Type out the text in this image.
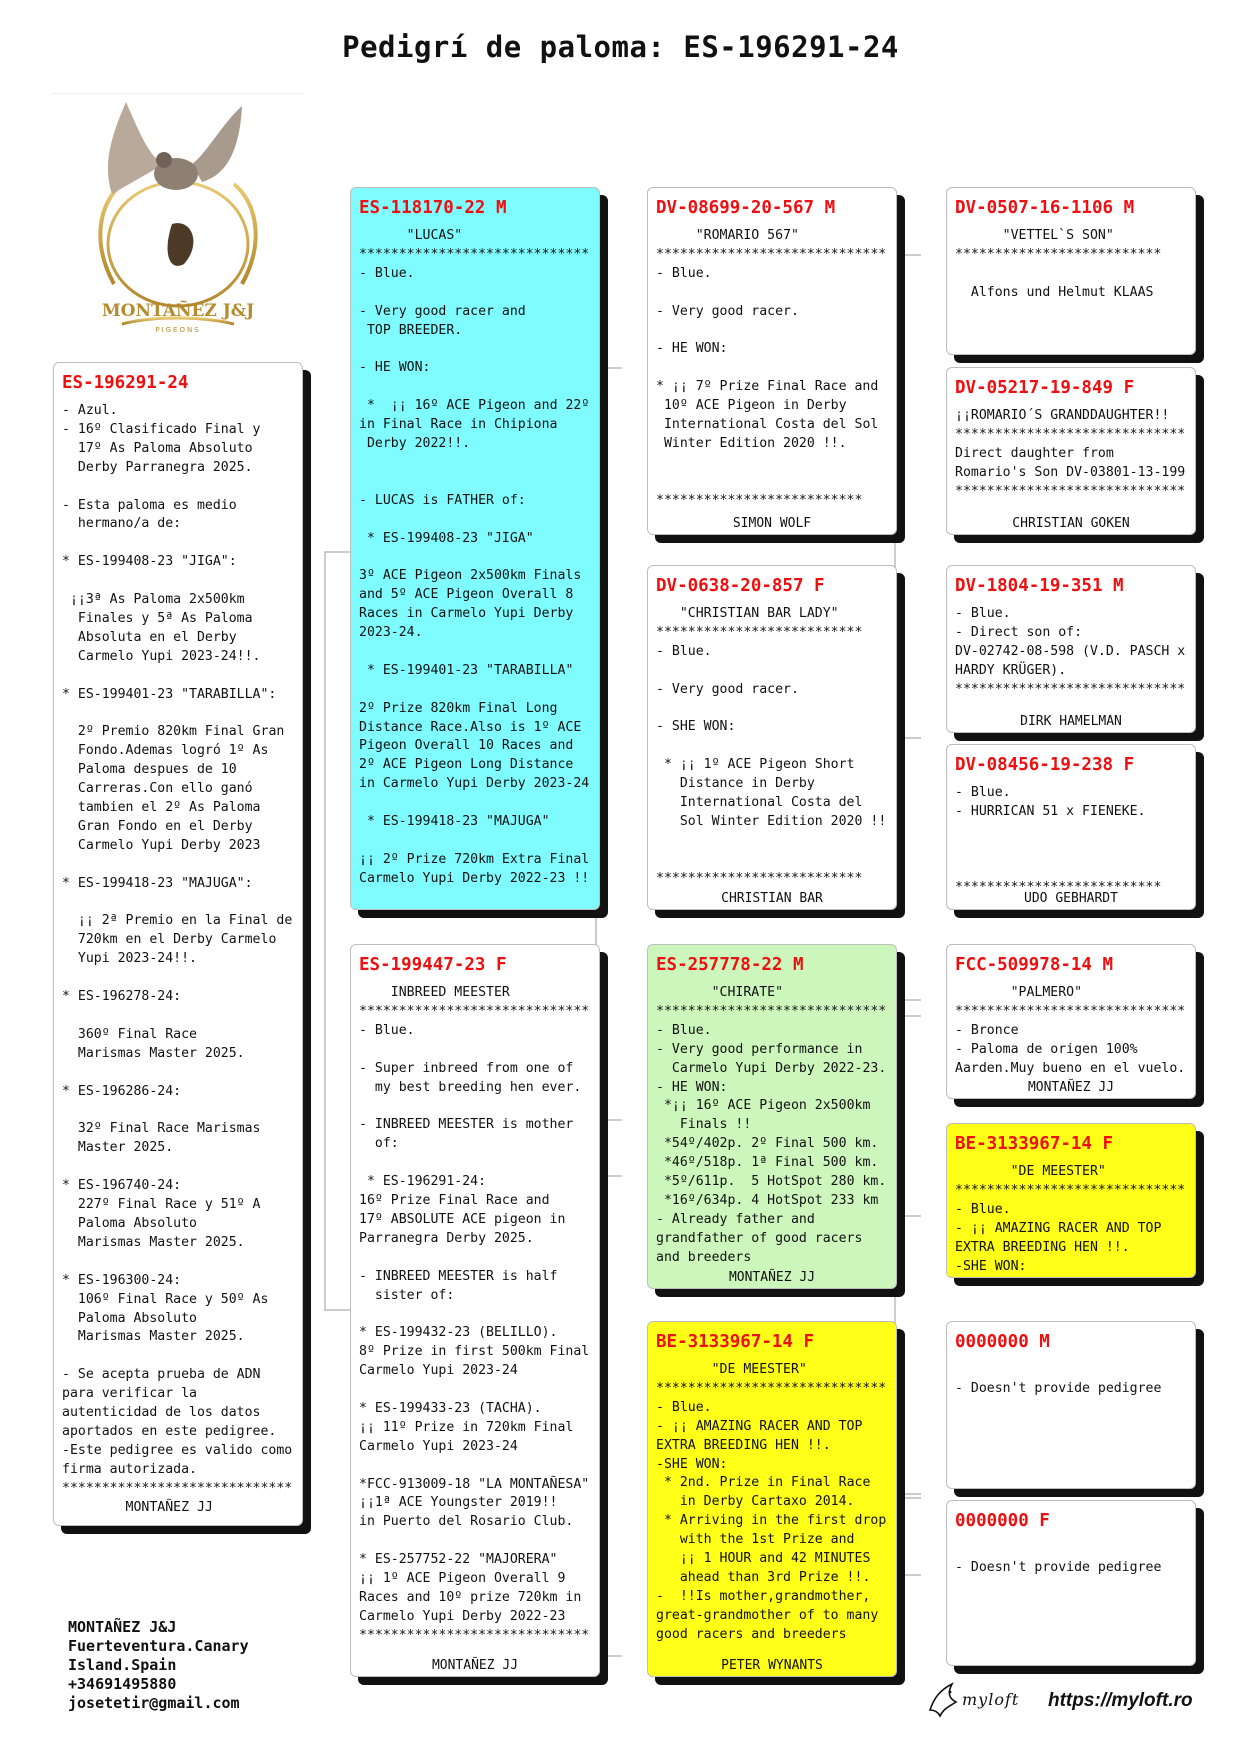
Pedigrí de paloma: ES-196291-24
MONTAÑEZ J&J
PIGEONS
ES-196291-24
- Azul.
- 16º Clasificado Final y
17º As Paloma Absoluto
Derby Parranegra 2025.

- Esta paloma es medio
hermano/a de:

* ES-199408-23 "JIGA":

¡¡3ª As Paloma 2x500km
Finales y 5ª As Paloma
Absoluta en el Derby
Carmelo Yupi 2023-24!!.

* ES-199401-23 "TARABILLA":

2º Premio 820km Final Gran
Fondo.Ademas logró 1º As
Paloma despues de 10
Carreras.Con ello ganó
tambien el 2º As Paloma
Gran Fondo en el Derby
Carmelo Yupi Derby 2023

* ES-199418-23 "MAJUGA":

¡¡ 2ª Premio en la Final de
720km en el Derby Carmelo
Yupi 2023-24!!.

* ES-196278-24:

360º Final Race
Marismas Master 2025.

* ES-196286-24:

32º Final Race Marismas
Master 2025.

* ES-196740-24:
227º Final Race y 51º A
Paloma Absoluto
Marismas Master 2025.

* ES-196300-24:
106º Final Race y 50º As
Paloma Absoluto
Marismas Master 2025.

- Se acepta prueba de ADN
para verificar la
autenticidad de los datos
aportados en este pedigree.
-Este pedigree es valido como
firma autorizada.
*****************************
MONTAÑEZ JJ
ES-118170-22 M
"LUCAS"
*****************************
- Blue.

- Very good racer and
TOP BREEDER.

- HE WON:

*  ¡¡ 16º ACE Pigeon and 22º
in Final Race in Chipiona
Derby 2022!!.

- LUCAS is FATHER of:

* ES-199408-23 "JIGA"

3º ACE Pigeon 2x500km Finals
and 5º ACE Pigeon Overall 8
Races in Carmelo Yupi Derby
2023-24.

* ES-199401-23 "TARABILLA"

2º Prize 820km Final Long
Distance Race.Also is 1º ACE
Pigeon Overall 10 Races and
2º ACE Pigeon Long Distance
in Carmelo Yupi Derby 2023-24

* ES-199418-23 "MAJUGA"

¡¡ 2º Prize 720km Extra Final
Carmelo Yupi Derby 2022-23 !!
ES-199447-23 F
INBREED MEESTER
*****************************
- Blue.

- Super inbreed from one of
my best breeding hen ever.

- INBREED MEESTER is mother
of:

* ES-196291-24:
16º Prize Final Race and
17º ABSOLUTE ACE pigeon in
Parranegra Derby 2025.

- INBREED MEESTER is half
sister of:

* ES-199432-23 (BELILLO).
8º Prize in first 500km Final
Carmelo Yupi 2023-24

* ES-199433-23 (TACHA).
¡¡ 11º Prize in 720km Final
Carmelo Yupi 2023-24

*FCC-913009-18 "LA MONTAÑESA"
¡¡1ª ACE Youngster 2019!!
in Puerto del Rosario Club.

* ES-257752-22 "MAJORERA"
¡¡ 1º ACE Pigeon Overall 9
Races and 10º prize 720km in
Carmelo Yupi Derby 2022-23
*****************************
MONTAÑEZ JJ
DV-08699-20-567 M
"ROMARIO 567"
*****************************
- Blue.

- Very good racer.

- HE WON:

* ¡¡ 7º Prize Final Race and
10º ACE Pigeon in Derby
International Costa del Sol
Winter Edition 2020 !!.

**************************
SIMON WOLF
DV-0638-20-857 F
"CHRISTIAN BAR LADY"
**************************
- Blue.

- Very good racer.

- SHE WON:

* ¡¡ 1º ACE Pigeon Short
Distance in Derby
International Costa del
Sol Winter Edition 2020 !!

**************************
CHRISTIAN BAR
ES-257778-22 M
"CHIRATE"
*****************************
- Blue.
- Very good performance in
Carmelo Yupi Derby 2022-23.
- HE WON:
*¡¡ 16º ACE Pigeon 2x500km
Finals !!
*54º/402p. 2º Final 500 km.
*46º/518p. 1ª Final 500 km.
*5º/611p.  5 HotSpot 280 km.
*16º/634p. 4 HotSpot 233 km
- Already father and
grandfather of good racers
and breeders
MONTAÑEZ JJ
BE-3133967-14 F
"DE MEESTER"
*****************************
- Blue.
- ¡¡ AMAZING RACER AND TOP
EXTRA BREEDING HEN !!.
-SHE WON:
* 2nd. Prize in Final Race
in Derby Cartaxo 2014.
* Arriving in the first drop
with the 1st Prize and
¡¡ 1 HOUR and 42 MINUTES
ahead than 3rd Prize !!.
-  !!Is mother,grandmother,
great-grandmother of to many
good racers and breeders
PETER WYNANTS
DV-0507-16-1106 M
"VETTEL`S SON"
**************************

Alfons und Helmut KLAAS
DV-05217-19-849 F
¡¡ROMARIO´S GRANDDAUGHTER!!
*****************************
Direct daughter from
Romario's Son DV-03801-13-199
*****************************
CHRISTIAN GOKEN
DV-1804-19-351 M
- Blue.
- Direct son of:
DV-02742-08-598 (V.D. PASCH x
HARDY KRÜGER).
*****************************
DIRK HAMELMAN
DV-08456-19-238 F
- Blue.
- HURRICAN 51 x FIENEKE.

**************************
UDO GEBHARDT
FCC-509978-14 M
"PALMERO"
*****************************
- Bronce
- Paloma de origen 100%
Aarden.Muy bueno en el vuelo.
MONTAÑEZ JJ
BE-3133967-14 F
"DE MEESTER"
*****************************
- Blue.
- ¡¡ AMAZING RACER AND TOP
EXTRA BREEDING HEN !!.
-SHE WON:
0000000 M

- Doesn't provide pedigree
0000000 F

- Doesn't provide pedigree
MONTAÑEZ J&J
Fuerteventura.Canary
Island.Spain
+34691495880
josetetir@gmail.com	myloft https://myloft.ro
